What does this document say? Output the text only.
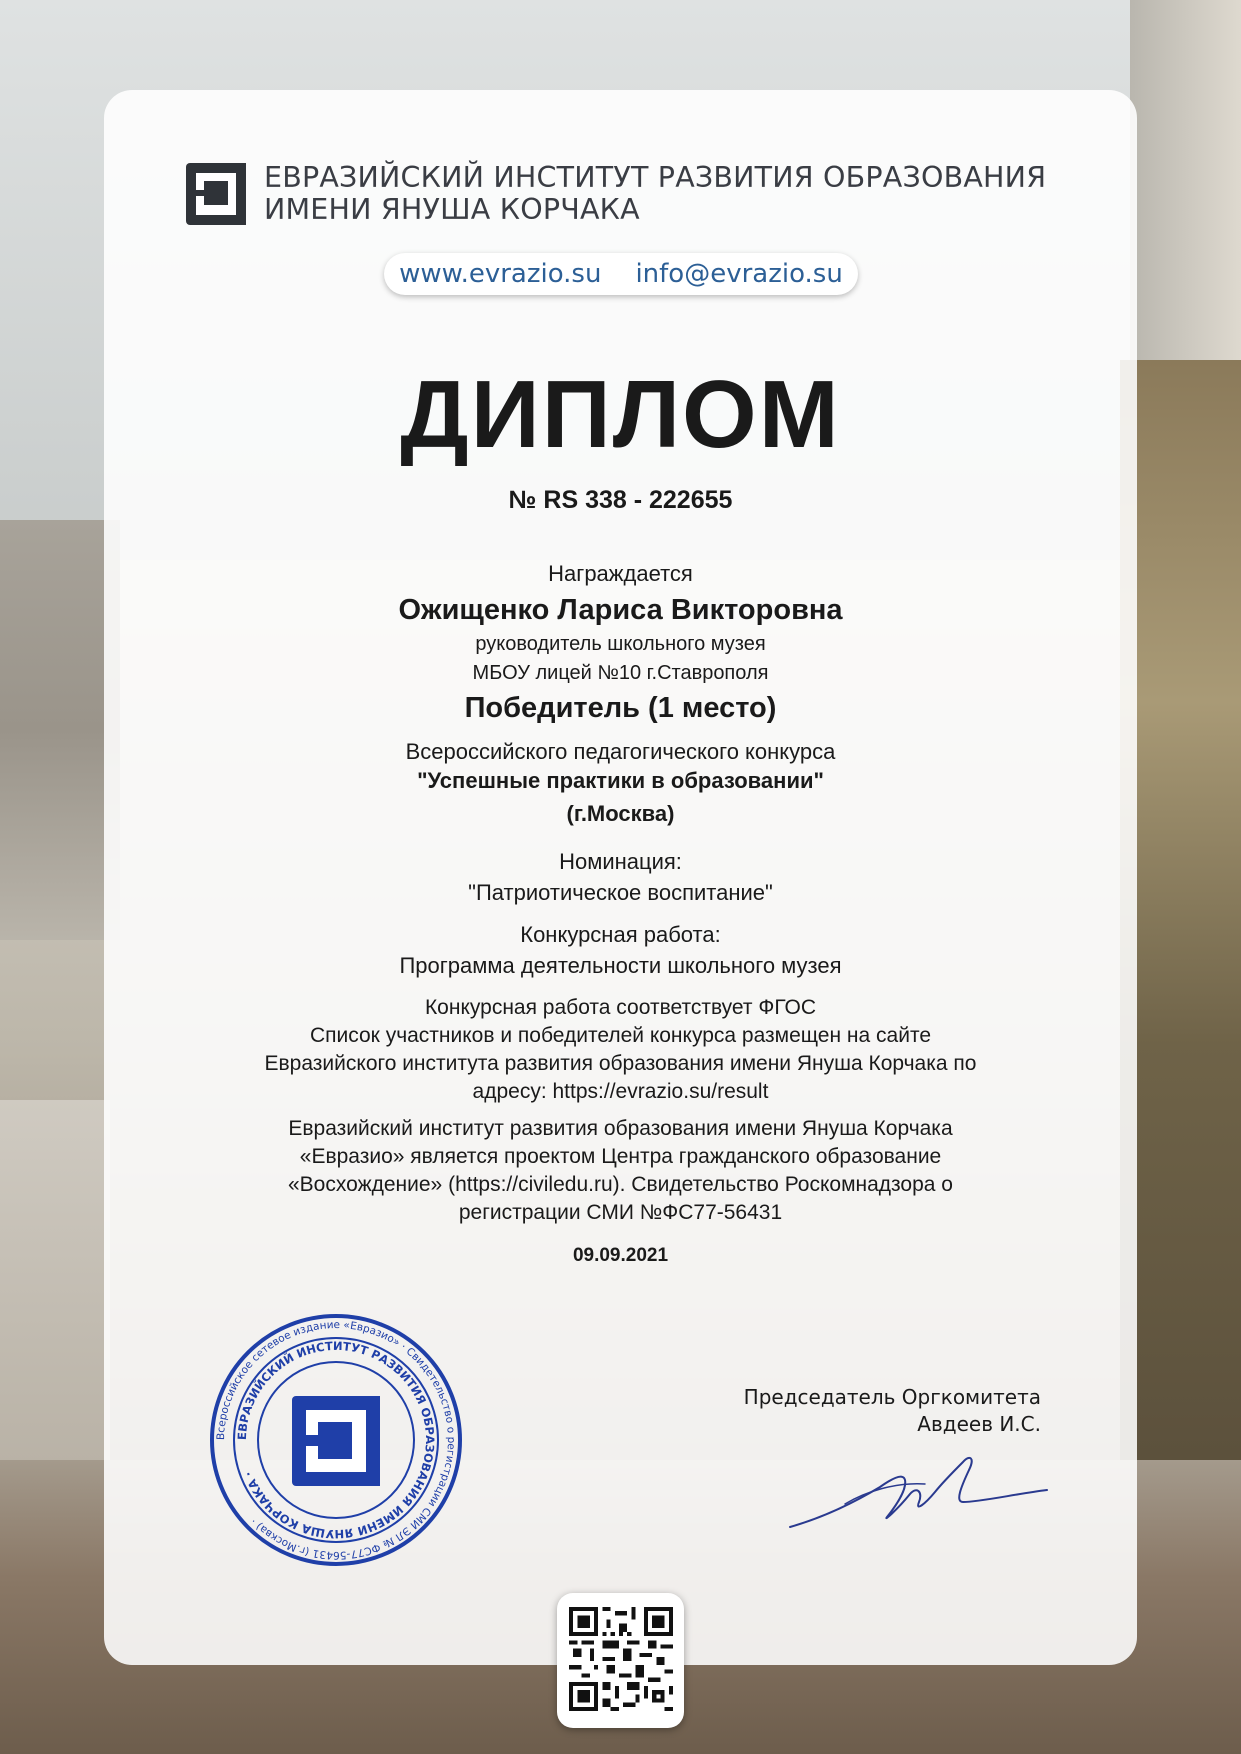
ЕВРАЗИЙСКИЙ ИНСТИТУТ РАЗВИТИЯ ОБРАЗОВАНИЯ
ИМЕНИ ЯНУША КОРЧАКА
www.evrazio.su info@evrazio.su
ДИПЛОМ
№ RS 338 - 222655
Награждается
Ожищенко Лариса Викторовна
руководитель школьного музея
МБОУ лицей №10 г.Ставрополя
Победитель (1 место)
Всероссийского педагогического конкурса
"Успешные практики в образовании"
(г.Москва)
Номинация:
"Патриотическое воспитание"
Конкурсная работа:
Программа деятельности школьного музея
Конкурсная работа соответствует ФГОС
Список участников и победителей конкурса размещен на сайте
Евразийского института развития образования имени Януша Корчака по
адресу: https://evrazio.su/result
Евразийский институт развития образования имени Януша Корчака
«Евразио» является проектом Центра гражданского образование
«Восхождение» (https://civiledu.ru). Свидетельство Роскомнадзора о
регистрации СМИ №ФС77-56431
09.09.2021
Всероссийское сетевое издание «Евразио» · Свидетельство о регистрации СМИ ЭЛ № ФС77-56431 (г.Москва) ·
ЕВРАЗИЙСКИЙ ИНСТИТУТ РАЗВИТИЯ ОБРАЗОВАНИЯ ИМЕНИ ЯНУША КОРЧАКА ·
Председатель Оргкомитета
Авдеев И.С.
